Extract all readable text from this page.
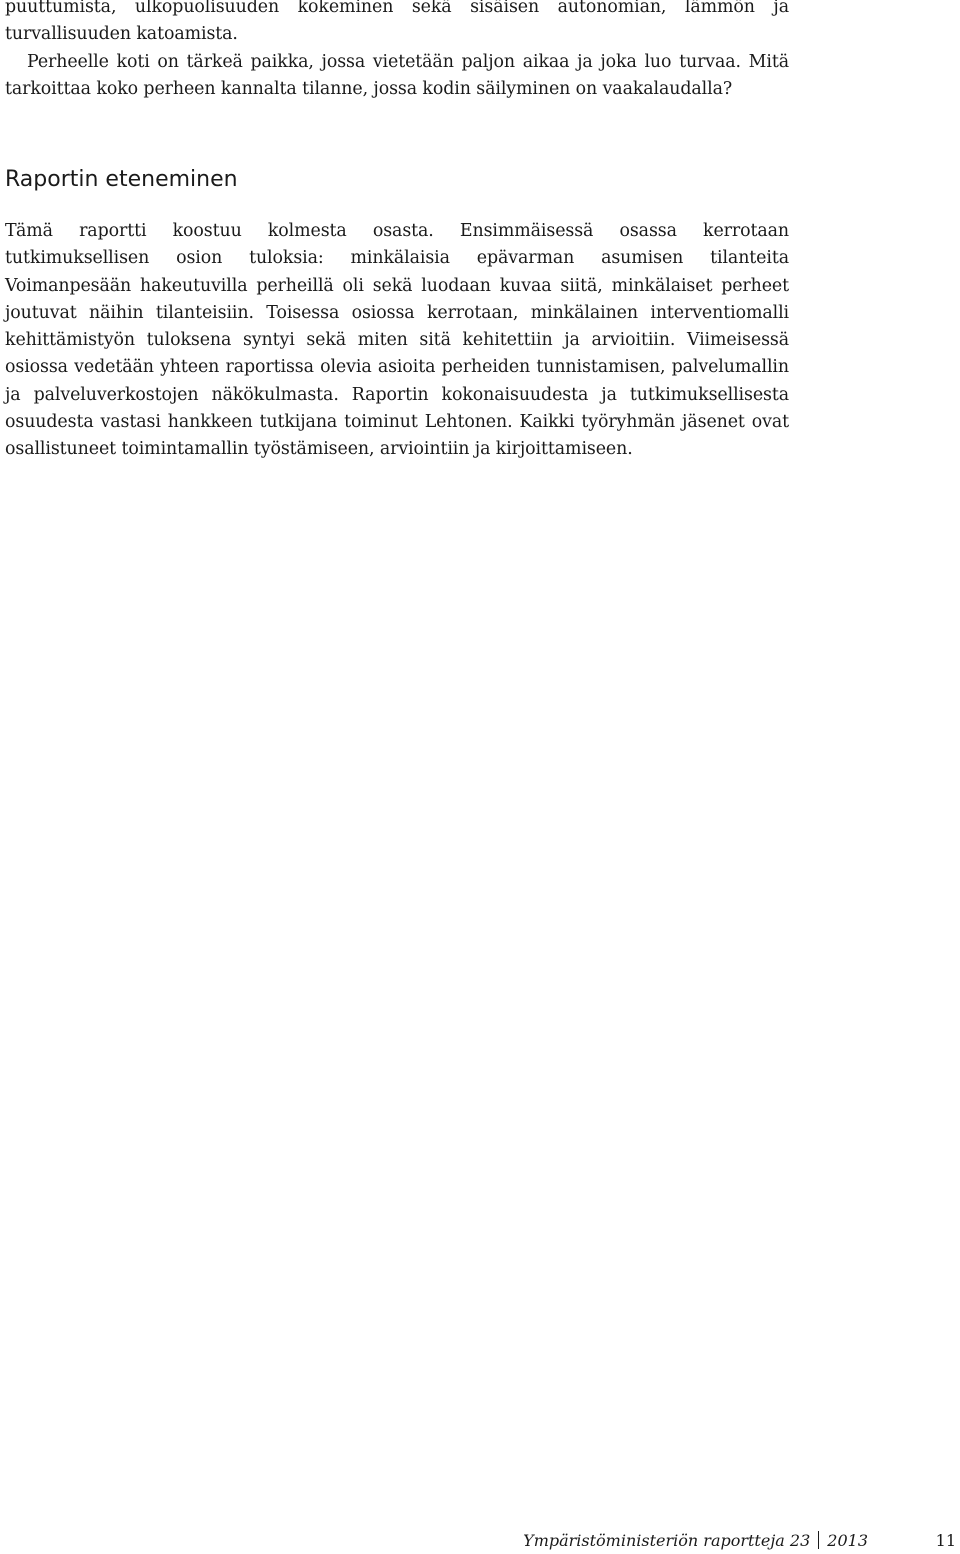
puuttumista, ulkopuolisuuden kokeminen sekä sisäisen autonomian, lämmön ja turvallisuuden katoamista.
Perheelle koti on tärkeä paikka, jossa vietetään paljon aikaa ja joka luo turvaa. Mitä tarkoittaa koko perheen kannalta tilanne, jossa kodin säilyminen on vaakalaudalla?

Raportin eteneminen

Tämä raportti koostuu kolmesta osasta. Ensimmäisessä osassa kerrotaan tutkimuksellisen osion tuloksia: minkälaisia epävarman asumisen tilanteita Voimanpesään hakeutuvilla perheillä oli sekä luodaan kuvaa siitä, minkälaiset perheet joutuvat näihin tilanteisiin. Toisessa osiossa kerrotaan, minkälainen interventiomalli kehittämistyön tuloksena syntyi sekä miten sitä kehitettiin ja arvioitiin. Viimeisessä osiossa vedetään yhteen raportissa olevia asioita perheiden tunnistamisen, palvelumallin ja palveluverkostojen näkökulmasta. Raportin kokonaisuudesta ja tutkimuksellisesta osuudesta vastasi hankkeen tutkijana toiminut Lehtonen. Kaikki työryhmän jäsenet ovat osallistuneet toimintamallin työstämiseen, arviointiin ja kirjoittamiseen.

Ympäristöministeriön raportteja 23 2013	11
